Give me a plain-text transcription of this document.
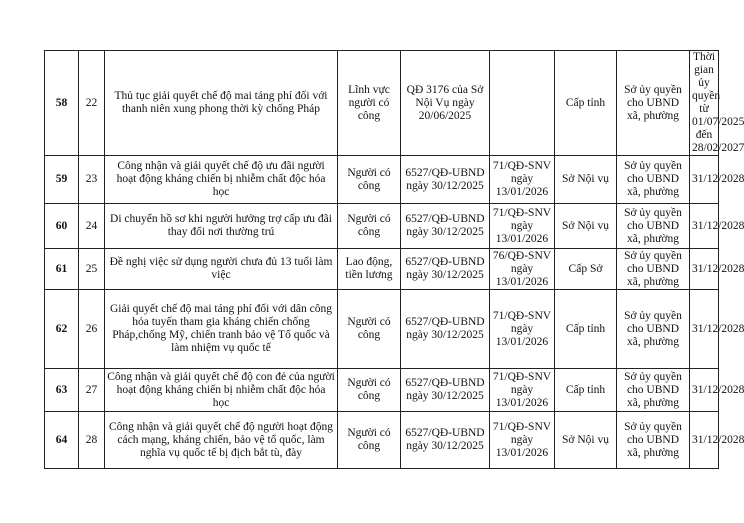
58	22	Thủ tục giải quyết chế độ mai táng phí đối với thanh niên xung phong thời kỳ chống Pháp	Lĩnh vực người có công	QĐ 3176 của Sở Nội Vụ ngày 20/06/2025		Cấp tỉnh	Sở ủy quyền cho UBND xã, phường	Thời gian ủy quyền từ 01/07/2025 đến 28/02/2027
59	23	Công nhận và giải quyết chế độ ưu đãi người hoạt động kháng chiến bị nhiễm chất độc hóa học	Người có công	6527/QĐ-UBND ngày 30/12/2025	71/QĐ-SNV ngày 13/01/2026	Sở Nội vụ	Sở ủy quyền cho UBND xã, phường	31/12/2028
60	24	Di chuyển hồ sơ khi người hưởng trợ cấp ưu đãi thay đổi nơi thường trú	Người có công	6527/QĐ-UBND ngày 30/12/2025	71/QĐ-SNV ngày 13/01/2026	Sở Nội vụ	Sở ủy quyền cho UBND xã, phường	31/12/2028
61	25	Đề nghị việc sử dụng người chưa đủ 13 tuổi làm việc	Lao động, tiền lương	6527/QĐ-UBND ngày 30/12/2025	76/QĐ-SNV ngày 13/01/2026	Cấp Sở	Sở ủy quyền cho UBND xã, phường	31/12/2028
62	26	Giải quyết chế độ mai táng phí đối với dân công hỏa tuyến tham gia kháng chiến chống Pháp,chống Mỹ, chiến tranh bảo vệ Tổ quốc và làm nhiệm vụ quốc tế	Người có công	6527/QĐ-UBND ngày 30/12/2025	71/QĐ-SNV ngày 13/01/2026	Cấp tỉnh	Sở ủy quyền cho UBND xã, phường	31/12/2028
63	27	Công nhận và giải quyết chế độ con đẻ của người hoạt động kháng chiến bị nhiễm chất độc hóa học	Người có công	6527/QĐ-UBND ngày 30/12/2025	71/QĐ-SNV ngày 13/01/2026	Cấp tỉnh	Sở ủy quyền cho UBND xã, phường	31/12/2028
64	28	Công nhận và giải quyết chế độ người hoạt động cách mạng, kháng chiến, bảo vệ tổ quốc, làm nghĩa vụ quốc tế bị địch bắt tù, đày	Người có công	6527/QĐ-UBND ngày 30/12/2025	71/QĐ-SNV ngày 13/01/2026	Sở Nội vụ	Sở ủy quyền cho UBND xã, phường	31/12/2028
